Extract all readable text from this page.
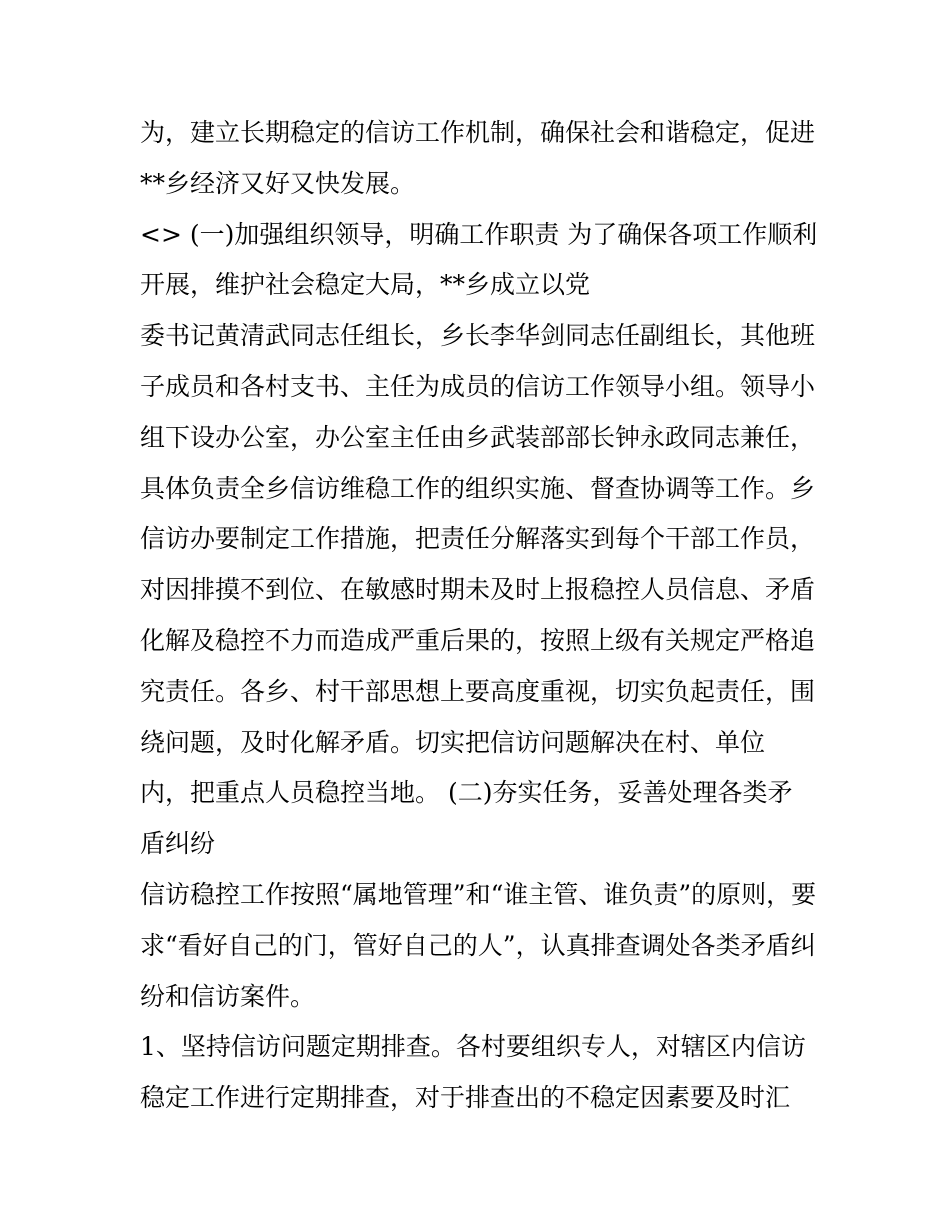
为，建立长期稳定的信访工作机制，确保社会和谐稳定，促进
**乡经济又好又快发展。
<> (一)加强组织领导，明确工作职责 为了确保各项工作顺利
开展，维护社会稳定大局，**乡成立以党
委书记黄清武同志任组长，乡长李华剑同志任副组长，其他班
子成员和各村支书、主任为成员的信访工作领导小组。领导小
组下设办公室，办公室主任由乡武装部部长钟永政同志兼任，
具体负责全乡信访维稳工作的组织实施、督查协调等工作。乡
信访办要制定工作措施，把责任分解落实到每个干部工作员，
对因排摸不到位、在敏感时期未及时上报稳控人员信息、矛盾
化解及稳控不力而造成严重后果的，按照上级有关规定严格追
究责任。各乡、村干部思想上要高度重视，切实负起责任，围
绕问题，及时化解矛盾。切实把信访问题解决在村、单位
内，把重点人员稳控当地。 (二)夯实任务，妥善处理各类矛
盾纠纷
信访稳控工作按照“属地管理”和“谁主管、谁负责”的原则，要
求“看好自己的门，管好自己的人”，认真排查调处各类矛盾纠
纷和信访案件。
1、坚持信访问题定期排查。各村要组织专人，对辖区内信访
稳定工作进行定期排查，对于排查出的不稳定因素要及时汇
